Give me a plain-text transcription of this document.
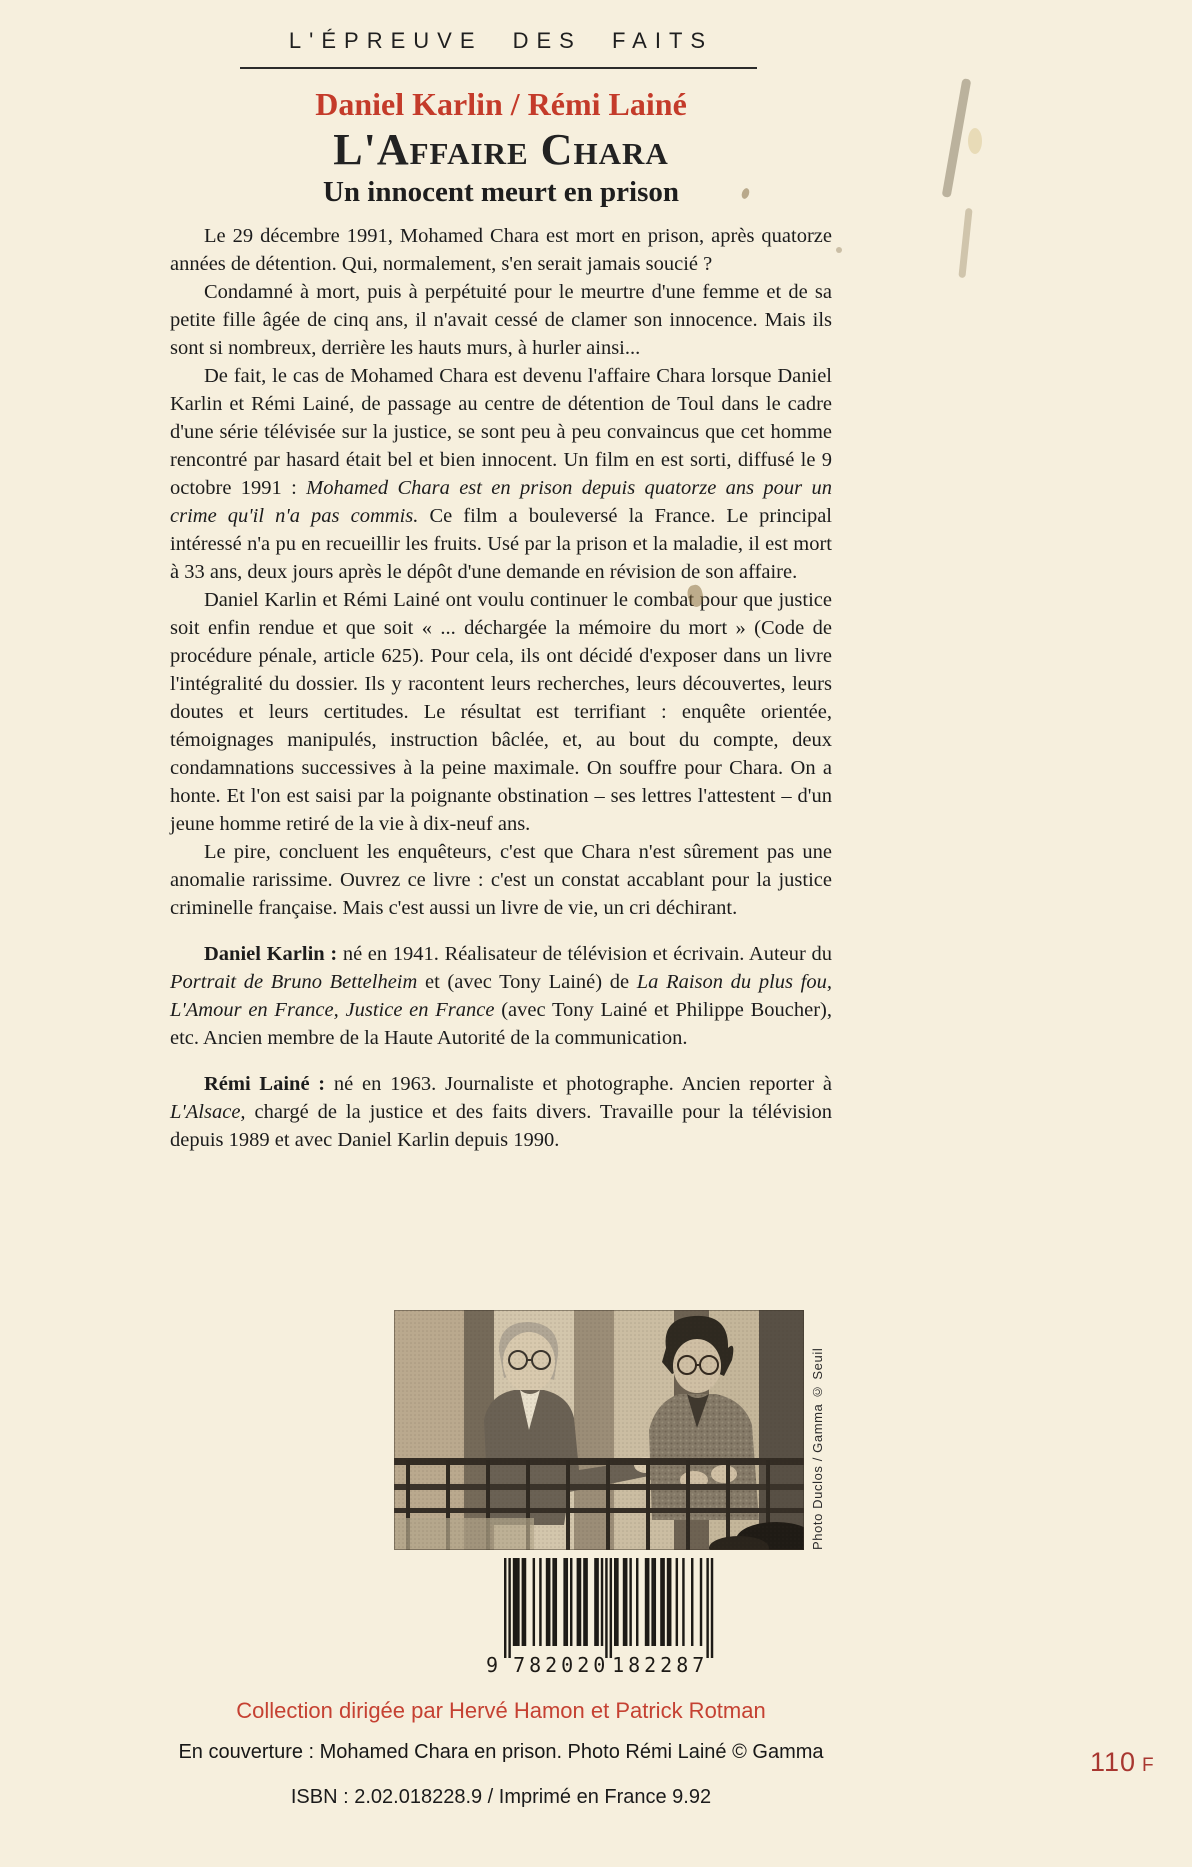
L'ÉPREUVE DES FAITS
Daniel Karlin / Rémi Lainé
L'Affaire Chara
Un innocent meurt en prison

Le 29 décembre 1991, Mohamed Chara est mort en prison, après quatorze années de détention. Qui, normalement, s'en serait jamais soucié ?

Condamné à mort, puis à perpétuité pour le meurtre d'une femme et de sa petite fille âgée de cinq ans, il n'avait cessé de clamer son innocence. Mais ils sont si nombreux, derrière les hauts murs, à hurler ainsi...

De fait, le cas de Mohamed Chara est devenu l'affaire Chara lorsque Daniel Karlin et Rémi Lainé, de passage au centre de détention de Toul dans le cadre d'une série télévisée sur la justice, se sont peu à peu convaincus que cet homme rencontré par hasard était bel et bien innocent. Un film en est sorti, diffusé le 9 octobre 1991 : Mohamed Chara est en prison depuis quatorze ans pour un crime qu'il n'a pas commis. Ce film a bouleversé la France. Le principal intéressé n'a pu en recueillir les fruits. Usé par la prison et la maladie, il est mort à 33 ans, deux jours après le dépôt d'une demande en révision de son affaire.

Daniel Karlin et Rémi Lainé ont voulu continuer le combat pour que justice soit enfin rendue et que soit « ... déchargée la mémoire du mort » (Code de procédure pénale, article 625). Pour cela, ils ont décidé d'exposer dans un livre l'intégralité du dossier. Ils y racontent leurs recherches, leurs découvertes, leurs doutes et leurs certitudes. Le résultat est terrifiant : enquête orientée, témoignages manipulés, instruction bâclée, et, au bout du compte, deux condamnations successives à la peine maximale. On souffre pour Chara. On a honte. Et l'on est saisi par la poignante obstination – ses lettres l'attestent – d'un jeune homme retiré de la vie à dix-neuf ans.

Le pire, concluent les enquêteurs, c'est que Chara n'est sûrement pas une anomalie rarissime. Ouvrez ce livre : c'est un constat accablant pour la justice criminelle française. Mais c'est aussi un livre de vie, un cri déchirant.

Daniel Karlin : né en 1941. Réalisateur de télévision et écrivain. Auteur du Portrait de Bruno Bettelheim et (avec Tony Lainé) de La Raison du plus fou, L'Amour en France, Justice en France (avec Tony Lainé et Philippe Boucher), etc. Ancien membre de la Haute Autorité de la communication.

Rémi Lainé : né en 1963. Journaliste et photographe. Ancien reporter à L'Alsace, chargé de la justice et des faits divers. Travaille pour la télévision depuis 1989 et avec Daniel Karlin depuis 1990.

Photo Duclos / Gamma © Seuil
9 782020 182287
Collection dirigée par Hervé Hamon et Patrick Rotman
En couverture : Mohamed Chara en prison. Photo Rémi Lainé © Gamma
ISBN : 2.02.018228.9 / Imprimé en France 9.92
110 F
